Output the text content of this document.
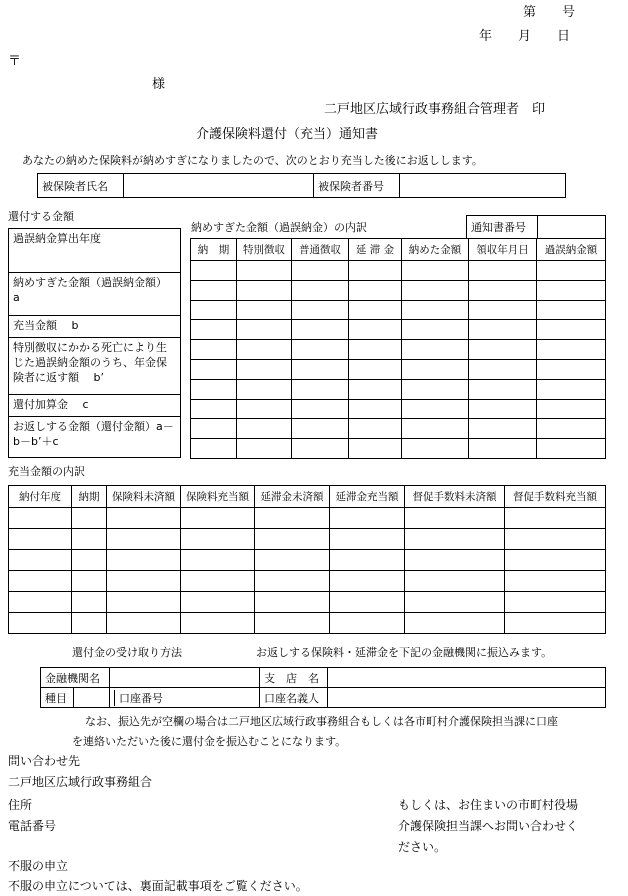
第　　号
年　　月　　日
〒
様
二戸地区広域行政事務組合管理者　印
介護保険料還付（充当）通知書
あなたの納めた保険料が納めすぎになりましたので、次のとおり充当した後にお返しします。
被保険者氏名		被保険者番号	
還付する金額
過誤納金算出年度
納めすぎた金額（過誤納金額）　 a
充当金額　 b
特別徴収にかかる死亡により生じた過誤納金額のうち、年金保険者に返す額　 b’
還付加算金　 c
お返しする金額（還付金額）a－b－b’＋c
納めすぎた金額（過誤納金）の内訳	通知書番号	
納　期	特別徴収	普通徴収	延 滞 金	納めた金額	領収年月日	過誤納金額

充当金額の内訳
納付年度	納期	保険料未済額	保険料充当額	延滞金未済額	延滞金充当額	督促手数料未済額	督促手数料充当額

還付金の受け取り方法	お返しする保険料・延滞金を下記の金融機関に振込みます。
金融機関名			支　店　名	
種目		口座番号	口座名義人	
なお、振込先が空欄の場合は二戸地区広域行政事務組合もしくは各市町村介護保険担当課に口座
を連絡いただいた後に還付金を振込むことになります。
問い合わせ先
二戸地区広域行政事務組合
住所
電話番号
もしくは、お住まいの市町村役場
介護保険担当課へお問い合わせく
ださい。
不服の申立
不服の申立については、裏面記載事項をご覧ください。
